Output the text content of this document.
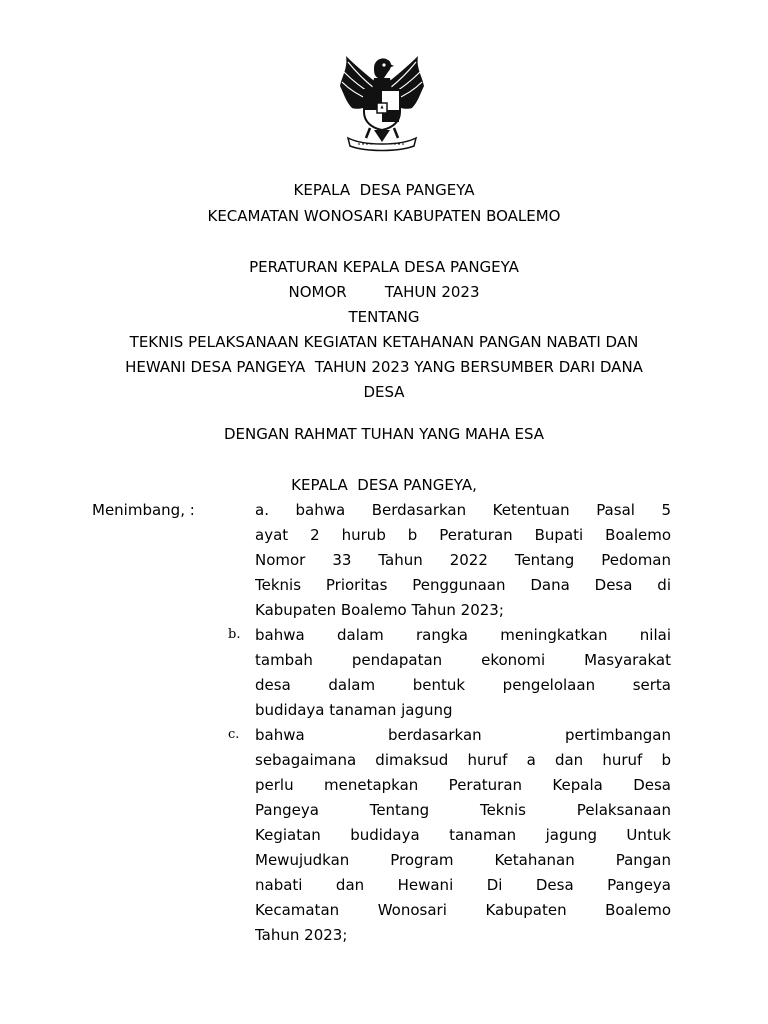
KEPALA  DESA PANGEYA
KECAMATAN WONOSARI KABUPATEN BOALEMO
PERATURAN KEPALA DESA PANGEYA
NOMOR        TAHUN 2023
TENTANG
TEKNIS PELAKSANAAN KEGIATAN KETAHANAN PANGAN NABATI DAN
HEWANI DESA PANGEYA  TAHUN 2023 YANG BERSUMBER DARI DANA
DESA
DENGAN RAHMAT TUHAN YANG MAHA ESA
KEPALA  DESA PANGEYA,
Menimbang, :
b.
c.
a. bahwa Berdasarkan Ketentuan Pasal 5
ayat 2 hurub b Peraturan Bupati Boalemo
Nomor 33 Tahun 2022 Tentang Pedoman
Teknis Prioritas Penggunaan Dana Desa di
Kabupaten Boalemo Tahun 2023;
bahwa dalam rangka meningkatkan nilai
tambah pendapatan ekonomi Masyarakat
desa dalam bentuk pengelolaan serta
budidaya tanaman jagung
bahwa berdasarkan pertimbangan
sebagaimana dimaksud huruf a dan huruf b
perlu menetapkan Peraturan Kepala Desa
Pangeya Tentang Teknis Pelaksanaan
Kegiatan budidaya tanaman jagung Untuk
Mewujudkan Program Ketahanan Pangan
nabati dan Hewani Di Desa Pangeya
Kecamatan Wonosari Kabupaten Boalemo
Tahun 2023;
